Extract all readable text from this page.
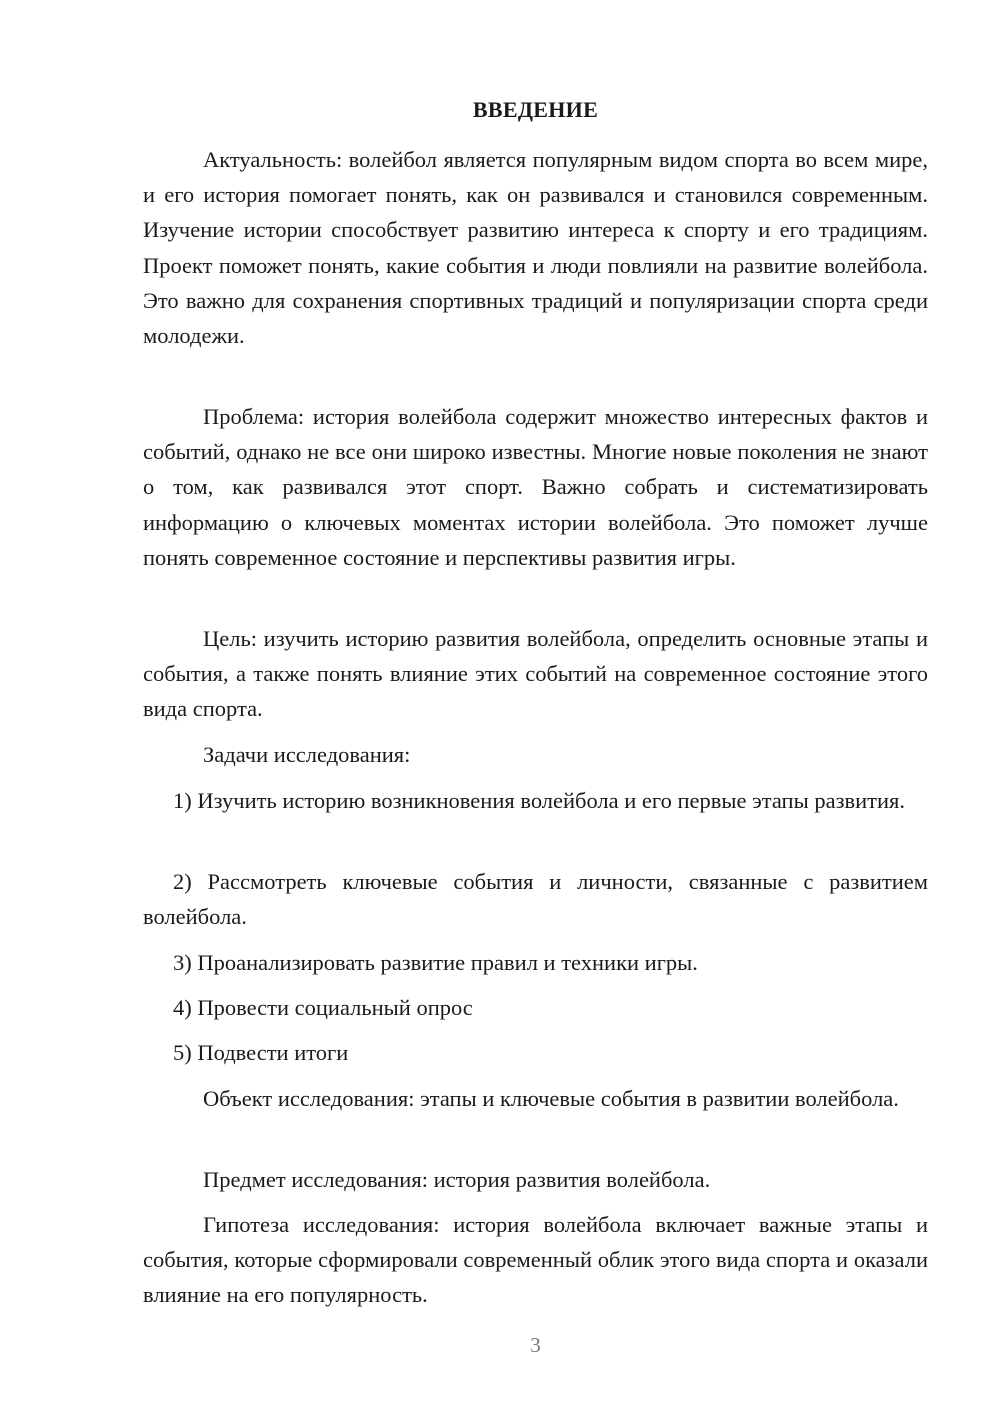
ВВЕДЕНИЕ

Актуальность: волейбол является популярным видом спорта во всем мире, и его история помогает понять, как он развивался и становился современным. Изучение истории способствует развитию интереса к спорту и его традициям. Проект поможет понять, какие события и люди повлияли на развитие волейбола. Это важно для сохранения спортивных традиций и популяризации спорта среди молодежи.

Проблема: история волейбола содержит множество интересных фактов и событий, однако не все они широко известны. Многие новые поколения не знают о том, как развивался этот спорт. Важно собрать и систематизировать информацию о ключевых моментах истории волейбола. Это поможет лучше понять современное состояние и перспективы развития игры.

Цель: изучить историю развития волейбола, определить основные этапы и события, а также понять влияние этих событий на современное состояние этого вида спорта.

Задачи исследования:

1) Изучить историю возникновения волейбола и его первые этапы развития.

2) Рассмотреть ключевые события и личности, связанные с развитием волейбола.

3) Проанализировать развитие правил и техники игры.

4) Провести социальный опрос

5) Подвести итоги

Объект исследования: этапы и ключевые события в развитии волейбола.

Предмет исследования: история развития волейбола.

Гипотеза исследования: история волейбола включает важные этапы и события, которые сформировали современный облик этого вида спорта и оказали влияние на его популярность.

3
